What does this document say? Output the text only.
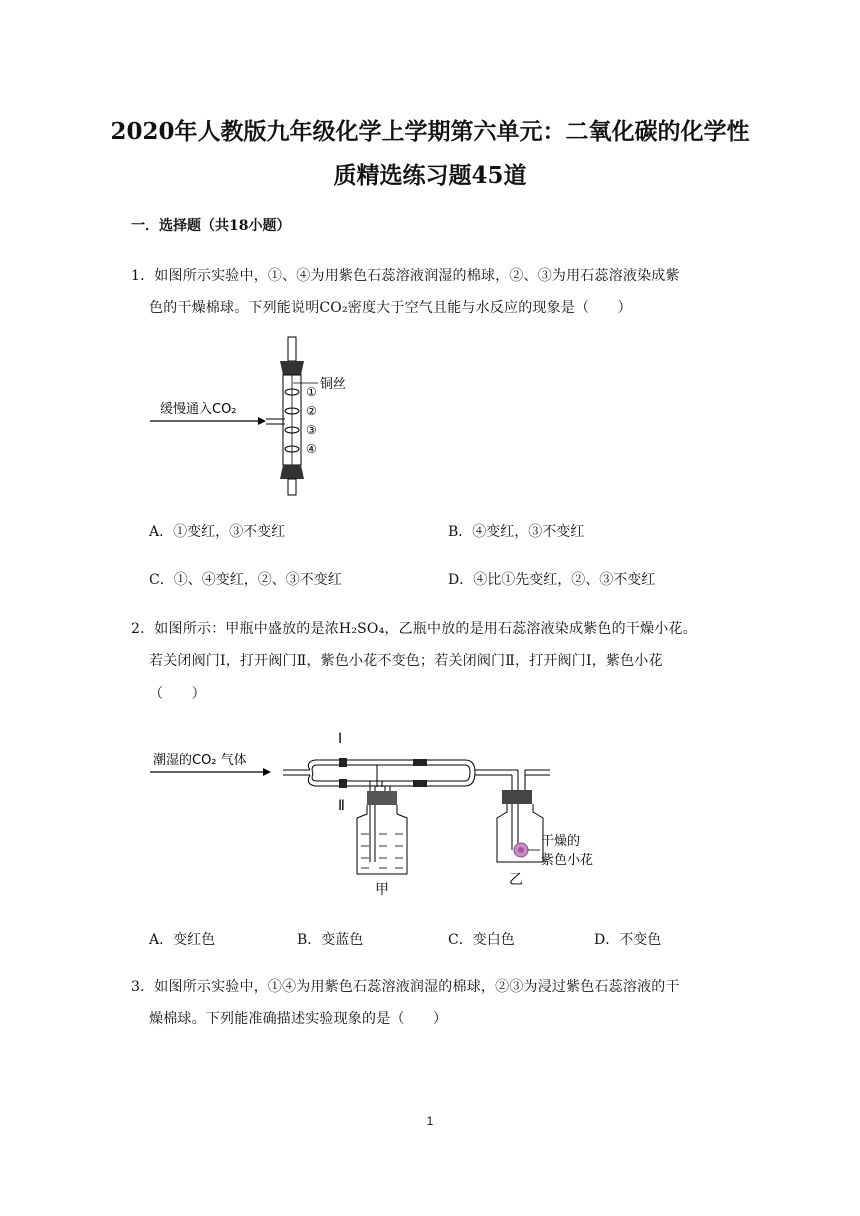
2020年人教版九年级化学上学期第六单元：二氧化碳的化学性
质精选练习题45道
一．选择题（共18小题）
1．如图所示实验中，①、④为用紫色石蕊溶液润湿的棉球，②、③为用石蕊溶液染成紫
色的干燥棉球。下列能说明CO₂密度大于空气且能与水反应的现象是（　　）
缓慢通入CO₂
铜丝
①
②
③
④
A．①变红，③不变红	B．④变红，③不变红
C．①、④变红，②、③不变红	D．④比①先变红，②、③不变红
2．如图所示：甲瓶中盛放的是浓H₂SO₄，乙瓶中放的是用石蕊溶液染成紫色的干燥小花。
若关闭阀门Ⅰ，打开阀门Ⅱ，紫色小花不变色；若关闭阀门Ⅱ，打开阀门Ⅰ，紫色小花
（　　）
潮湿的CO₂ 气体
Ⅰ
Ⅱ
甲
干燥的
紫色小花
乙
A．变红色	B．变蓝色	C．变白色	D．不变色
3．如图所示实验中，①④为用紫色石蕊溶液润湿的棉球，②③为浸过紫色石蕊溶液的干
燥棉球。下列能准确描述实验现象的是（　　）
1
